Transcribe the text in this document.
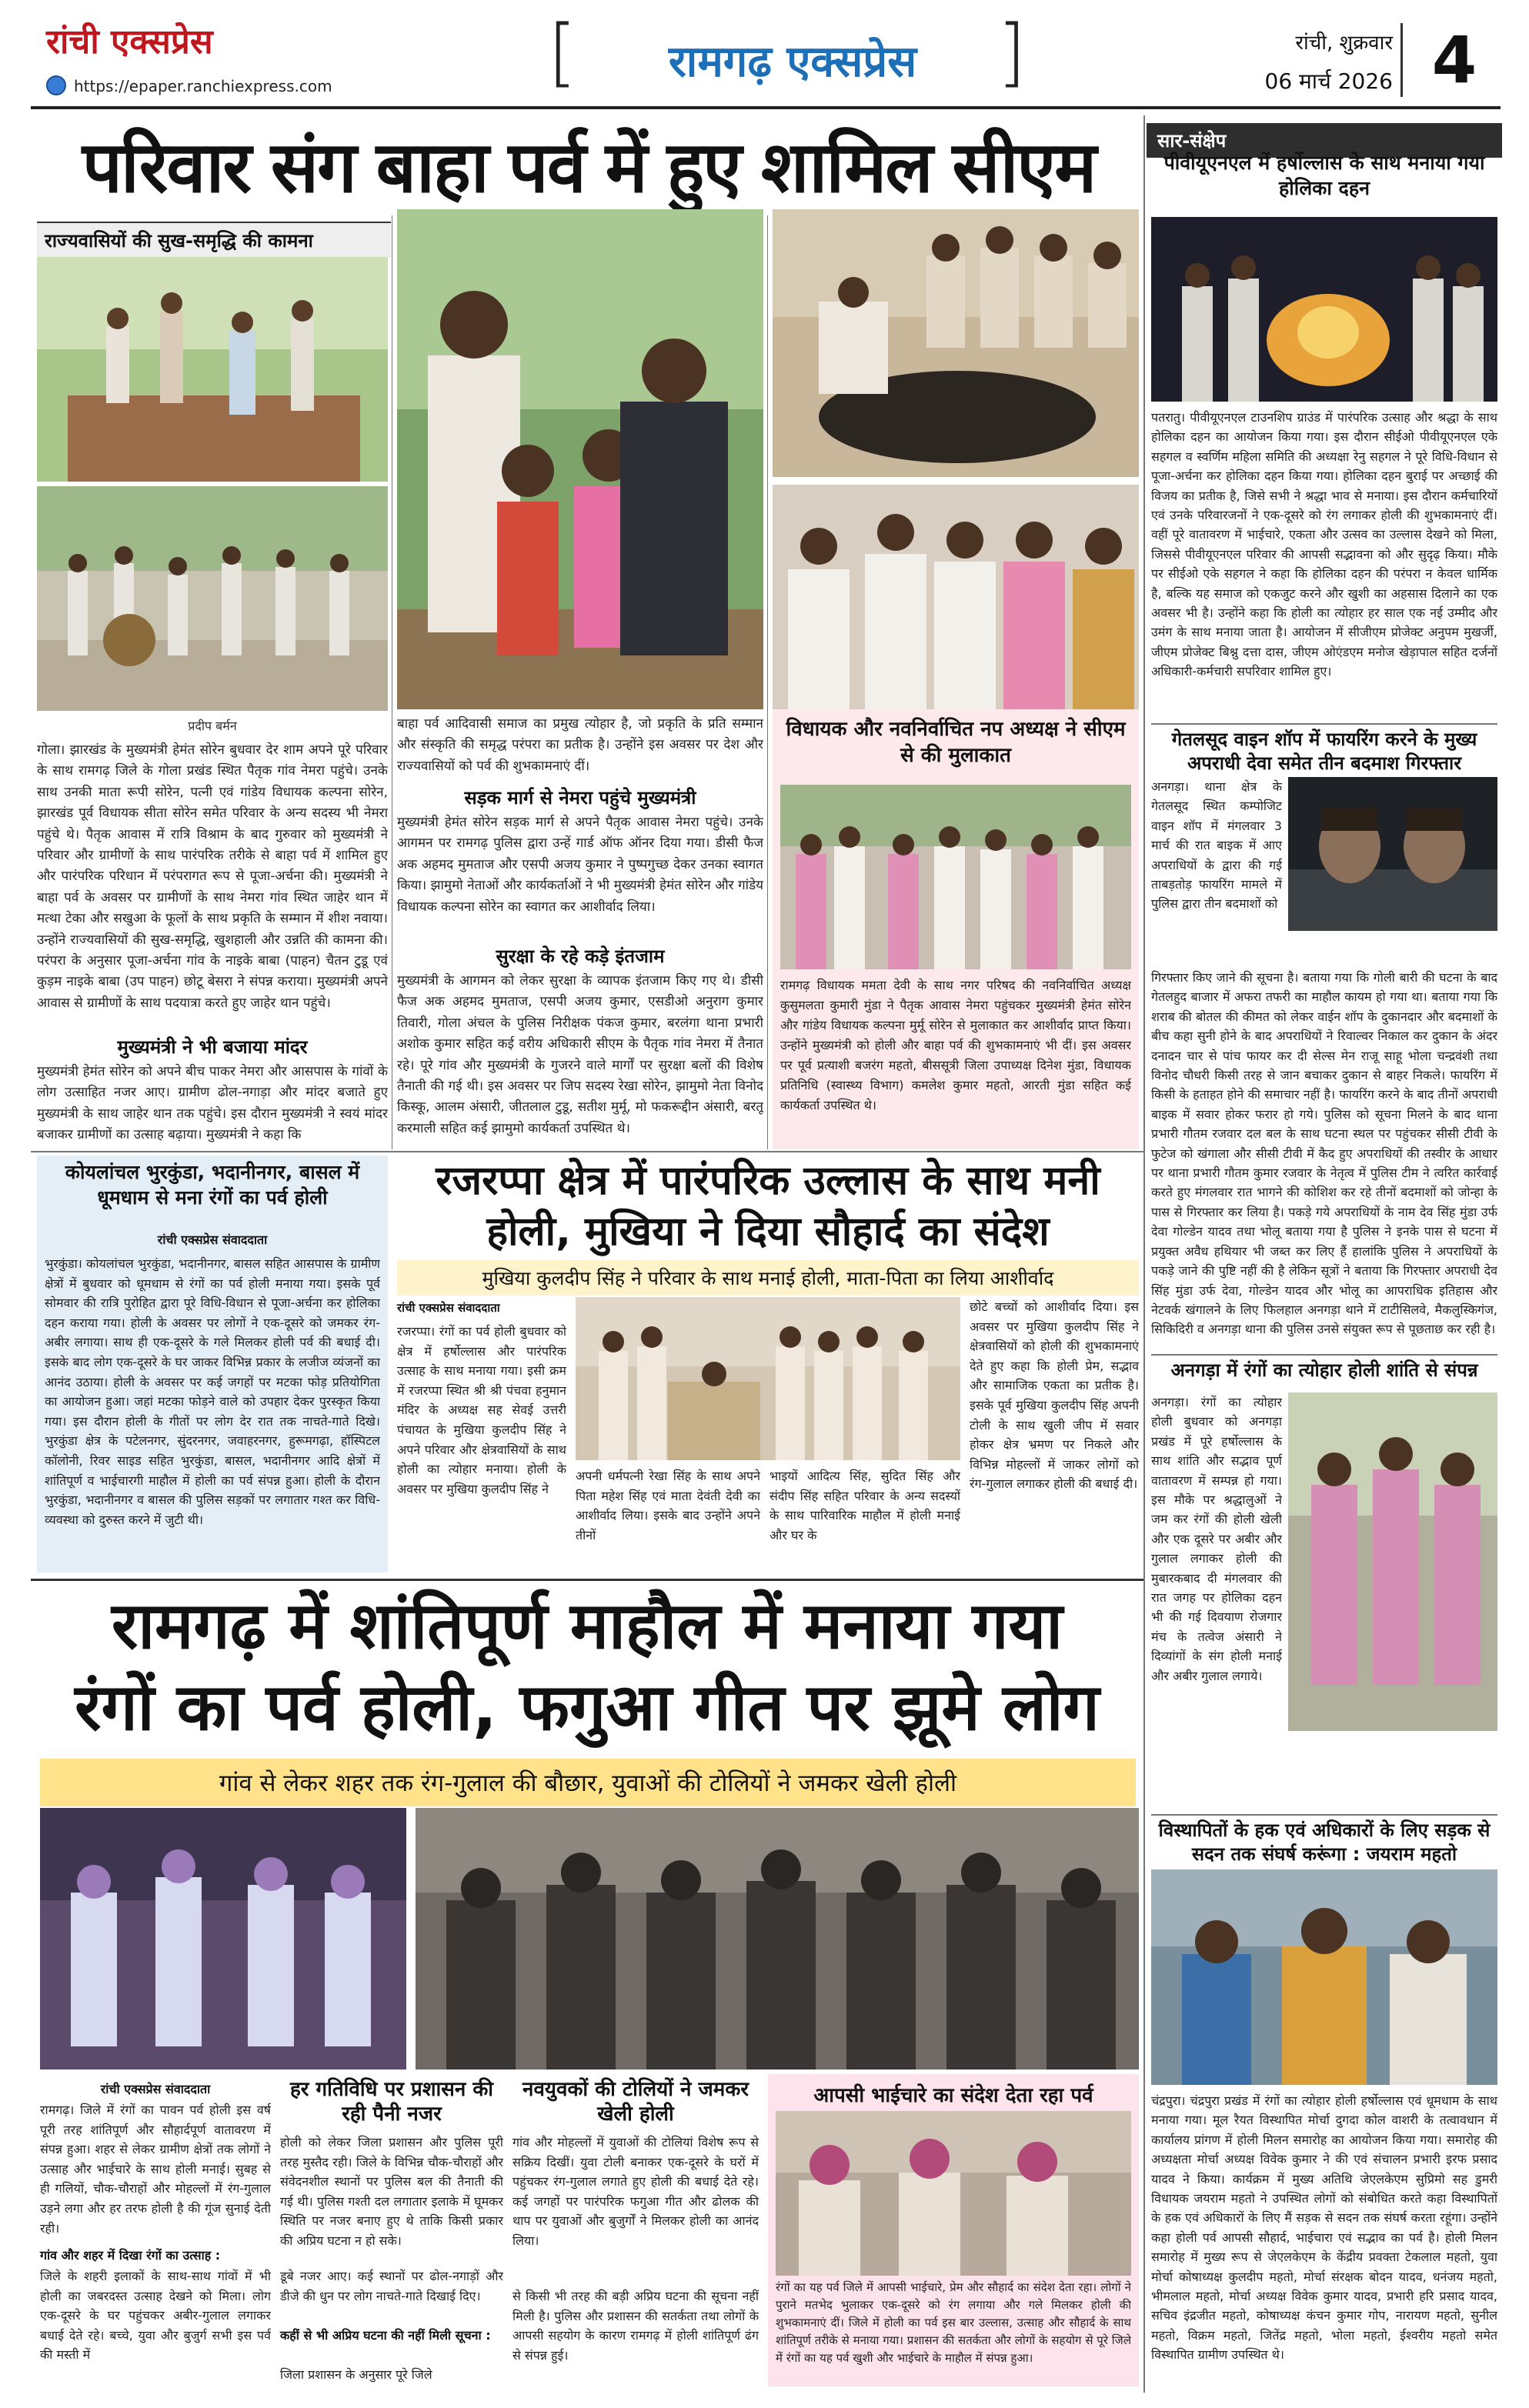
रांची एक्सप्रेस
https://epaper.ranchiexpress.com	[	रामगढ़ एक्सप्रेस	]	रांची, शुक्रवार
06 मार्च 2026 4
परिवार संग बाहा पर्व में हुए शामिल सीएम	सार-संक्षेप
राज्यवासियों की सुख-समृद्धि की कामना
प्रदीप बर्मन
गोला। झारखंड के मुख्यमंत्री हेमंत सोरेन बुधवार देर शाम अपने पूरे परिवार के साथ रामगढ़ जिले के गोला प्रखंड स्थित पैतृक गांव नेमरा पहुंचे। उनके साथ उनकी माता रूपी सोरेन, पत्नी एवं गांडेय विधायक कल्पना सोरेन, झारखंड पूर्व विधायक सीता सोरेन समेत परिवार के अन्य सदस्य भी नेमरा पहुंचे थे। पैतृक आवास में रात्रि विश्राम के बाद गुरुवार को मुख्यमंत्री ने परिवार और ग्रामीणों के साथ पारंपरिक तरीके से बाहा पर्व में शामिल हुए और पारंपरिक परिधान में परंपरागत रूप से पूजा-अर्चना की। मुख्यमंत्री ने बाहा पर्व के अवसर पर ग्रामीणों के साथ नेमरा गांव स्थित जाहेर थान में मत्था टेका और सखुआ के फूलों के साथ प्रकृति के सम्मान में शीश नवाया। उन्होंने राज्यवासियों की सुख-समृद्धि, खुशहाली और उन्नति की कामना की। परंपरा के अनुसार पूजा-अर्चना गांव के नाइके बाबा (पाहन) चैतन टुडू एवं कुड़म नाइके बाबा (उप पाहन) छोटू बेसरा ने संपन्न कराया। मुख्यमंत्री अपने आवास से ग्रामीणों के साथ पदयात्रा करते हुए जाहेर थान पहुंचे।
मुख्यमंत्री ने भी बजाया मांदर
मुख्यमंत्री हेमंत सोरेन को अपने बीच पाकर नेमरा और आसपास के गांवों के लोग उत्साहित नजर आए। ग्रामीण ढोल-नगाड़ा और मांदर बजाते हुए मुख्यमंत्री के साथ जाहेर थान तक पहुंचे। इस दौरान मुख्यमंत्री ने स्वयं मांदर बजाकर ग्रामीणों का उत्साह बढ़ाया। मुख्यमंत्री ने कहा कि
बाहा पर्व आदिवासी समाज का प्रमुख त्योहार है, जो प्रकृति के प्रति सम्मान और संस्कृति की समृद्ध परंपरा का प्रतीक है। उन्होंने इस अवसर पर देश और राज्यवासियों को पर्व की शुभकामनाएं दीं।
सड़क मार्ग से नेमरा पहुंचे मुख्यमंत्री
मुख्यमंत्री हेमंत सोरेन सड़क मार्ग से अपने पैतृक आवास नेमरा पहुंचे। उनके आगमन पर रामगढ़ पुलिस द्वारा उन्हें गार्ड ऑफ ऑनर दिया गया। डीसी फैज अक अहमद मुमताज और एसपी अजय कुमार ने पुष्पगुच्छ देकर उनका स्वागत किया। झामुमो नेताओं और कार्यकर्ताओं ने भी मुख्यमंत्री हेमंत सोरेन और गांडेय विधायक कल्पना सोरेन का स्वागत कर आशीर्वाद लिया।
सुरक्षा के रहे कड़े इंतजाम
मुख्यमंत्री के आगमन को लेकर सुरक्षा के व्यापक इंतजाम किए गए थे। डीसी फैज अक अहमद मुमताज, एसपी अजय कुमार, एसडीओ अनुराग कुमार तिवारी, गोला अंचल के पुलिस निरीक्षक पंकज कुमार, बरलंगा थाना प्रभारी अशोक कुमार सहित कई वरीय अधिकारी सीएम के पैतृक गांव नेमरा में तैनात रहे। पूरे गांव और मुख्यमंत्री के गुजरने वाले मार्गों पर सुरक्षा बलों की विशेष तैनाती की गई थी। इस अवसर पर जिप सदस्य रेखा सोरेन, झामुमो नेता विनोद किस्कू, आलम अंसारी, जीतलाल टुडू, सतीश मुर्मू, मो फकरूद्दीन अंसारी, बरतू करमाली सहित कई झामुमो कार्यकर्ता उपस्थित थे।
विधायक और नवनिर्वाचित नप अध्यक्ष ने सीएम से की मुलाकात
रामगढ़ विधायक ममता देवी के साथ नगर परिषद की नवनिर्वाचित अध्यक्ष कुसुमलता कुमारी मुंडा ने पैतृक आवास नेमरा पहुंचकर मुख्यमंत्री हेमंत सोरेन और गांडेय विधायक कल्पना मुर्मू सोरेन से मुलाकात कर आशीर्वाद प्राप्त किया। उन्होंने मुख्यमंत्री को होली और बाहा पर्व की शुभकामनाएं भी दीं। इस अवसर पर पूर्व प्रत्याशी बजरंग महतो, बीससूत्री जिला उपाध्यक्ष दिनेश मुंडा, विधायक प्रतिनिधि (स्वास्थ्य विभाग) कमलेश कुमार महतो, आरती मुंडा सहित कई कार्यकर्ता उपस्थित थे।
कोयलांचल भुरकुंडा, भदानीनगर, बासल में धूमधाम से मना रंगों का पर्व होली
रांची एक्सप्रेस संवाददाता
भुरकुंडा। कोयलांचल भुरकुंडा, भदानीनगर, बासल सहित आसपास के ग्रामीण क्षेत्रों में बुधवार को धूमधाम से रंगों का पर्व होली मनाया गया। इसके पूर्व सोमवार की रात्रि पुरोहित द्वारा पूरे विधि-विधान से पूजा-अर्चना कर होलिका दहन कराया गया। होली के अवसर पर लोगों ने एक-दूसरे को जमकर रंग-अबीर लगाया। साथ ही एक-दूसरे के गले मिलकर होली पर्व की बधाई दी। इसके बाद लोग एक-दूसरे के घर जाकर विभिन्न प्रकार के लजीज व्यंजनों का आनंद उठाया। होली के अवसर पर कई जगहों पर मटका फोड़ प्रतियोगिता का आयोजन हुआ। जहां मटका फोड़ने वाले को उपहार देकर पुरस्कृत किया गया। इस दौरान होली के गीतों पर लोग देर रात तक नाचते-गाते दिखे। भुरकुंडा क्षेत्र के पटेलनगर, सुंदरनगर, जवाहरनगर, हुरूमगढ़ा, हॉस्पिटल कॉलोनी, रिवर साइड सहित भुरकुंडा, बासल, भदानीनगर आदि क्षेत्रों में शांतिपूर्ण व भाईचारगी माहौल में होली का पर्व संपन्न हुआ। होली के दौरान भुरकुंडा, भदानीनगर व बासल की पुलिस सड़कों पर लगातार गश्त कर विधि-व्यवस्था को दुरुस्त करने में जुटी थी।
रजरप्पा क्षेत्र में पारंपरिक उल्लास के साथ मनी होली, मुखिया ने दिया सौहार्द का संदेश
मुखिया कुलदीप सिंह ने परिवार के साथ मनाई होली, माता-पिता का लिया आशीर्वाद
रांची एक्सप्रेस संवाददाता
रजरप्पा। रंगों का पर्व होली बुधवार को क्षेत्र में हर्षोल्लास और पारंपरिक उत्साह के साथ मनाया गया। इसी क्रम में रजरप्पा स्थित श्री श्री पंचवा हनुमान मंदिर के अध्यक्ष सह सेवई उत्तरी पंचायत के मुखिया कुलदीप सिंह ने अपने परिवार और क्षेत्रवासियों के साथ होली का त्योहार मनाया। होली के अवसर पर मुखिया कुलदीप सिंह ने
अपनी धर्मपत्नी रेखा सिंह के साथ अपने पिता महेश सिंह एवं माता देवंती देवी का आशीर्वाद लिया। इसके बाद उन्होंने अपने तीनों
भाइयों आदित्य सिंह, सुदित सिंह और संदीप सिंह सहित परिवार के अन्य सदस्यों के साथ पारिवारिक माहौल में होली मनाई और घर के
छोटे बच्चों को आशीर्वाद दिया। इस अवसर पर मुखिया कुलदीप सिंह ने क्षेत्रवासियों को होली की शुभकामनाएं देते हुए कहा कि होली प्रेम, सद्भाव और सामाजिक एकता का प्रतीक है। इसके पूर्व मुखिया कुलदीप सिंह अपनी टोली के साथ खुली जीप में सवार होकर क्षेत्र भ्रमण पर निकले और विभिन्न मोहल्लों में जाकर लोगों को रंग-गुलाल लगाकर होली की बधाई दी।
रामगढ़ में शांतिपूर्ण माहौल में मनाया गया
रंगों का पर्व होली, फगुआ गीत पर झूमे लोग
गांव से लेकर शहर तक रंग-गुलाल की बौछार, युवाओं की टोलियों ने जमकर खेली होली
रांची एक्सप्रेस संवाददाता
रामगढ़। जिले में रंगों का पावन पर्व होली इस वर्ष पूरी तरह शांतिपूर्ण और सौहार्दपूर्ण वातावरण में संपन्न हुआ। शहर से लेकर ग्रामीण क्षेत्रों तक लोगों ने उत्साह और भाईचारे के साथ होली मनाई। सुबह से ही गलियों, चौक-चौराहों और मोहल्लों में रंग-गुलाल उड़ने लगा और हर तरफ होली है की गूंज सुनाई देती रही।
गांव और शहर में दिखा रंगों का उत्साह :
जिले के शहरी इलाकों के साथ-साथ गांवों में भी होली का जबरदस्त उत्साह देखने को मिला। लोग एक-दूसरे के घर पहुंचकर अबीर-गुलाल लगाकर बधाई देते रहे। बच्चे, युवा और बुजुर्ग सभी इस पर्व की मस्ती में
हर गतिविधि पर प्रशासन की रही पैनी नजर
होली को लेकर जिला प्रशासन और पुलिस पूरी तरह मुस्तैद रही। जिले के विभिन्न चौक-चौराहों और संवेदनशील स्थानों पर पुलिस बल की तैनाती की गई थी। पुलिस गश्ती दल लगातार इलाके में घूमकर स्थिति पर नजर बनाए हुए थे ताकि किसी प्रकार की अप्रिय घटना न हो सके।
डूबे नजर आए। कई स्थानों पर ढोल-नगाड़ों और डीजे की धुन पर लोग नाचते-गाते दिखाई दिए।
कहीं से भी अप्रिय घटना की नहीं मिली सूचना :
जिला प्रशासन के अनुसार पूरे जिले
नवयुवकों की टोलियों ने जमकर खेली होली
गांव और मोहल्लों में युवाओं की टोलियां विशेष रूप से सक्रिय दिखीं। युवा टोली बनाकर एक-दूसरे के घरों में पहुंचकर रंग-गुलाल लगाते हुए होली की बधाई देते रहे। कई जगहों पर पारंपरिक फगुआ गीत और ढोलक की थाप पर युवाओं और बुजुर्गों ने मिलकर होली का आनंद लिया।
से किसी भी तरह की बड़ी अप्रिय घटना की सूचना नहीं मिली है। पुलिस और प्रशासन की सतर्कता तथा लोगों के आपसी सहयोग के कारण रामगढ़ में होली शांतिपूर्ण ढंग से संपन्न हुई।
आपसी भाईचारे का संदेश देता रहा पर्व
रंगों का यह पर्व जिले में आपसी भाईचारे, प्रेम और सौहार्द का संदेश देता रहा। लोगों ने पुराने मतभेद भुलाकर एक-दूसरे को रंग लगाया और गले मिलकर होली की शुभकामनाएं दीं। जिले में होली का पर्व इस बार उल्लास, उत्साह और सौहार्द के साथ शांतिपूर्ण तरीके से मनाया गया। प्रशासन की सतर्कता और लोगों के सहयोग से पूरे जिले में रंगों का यह पर्व खुशी और भाईचारे के माहौल में संपन्न हुआ।
पीवीयूएनएल में हर्षोल्लास के साथ मनाया गया होलिका दहन
पतरातु। पीवीयूएनएल टाउनशिप ग्राउंड में पारंपरिक उत्साह और श्रद्धा के साथ होलिका दहन का आयोजन किया गया। इस दौरान सीईओ पीवीयूएनएल एके सहगल व स्वर्णिम महिला समिति की अध्यक्षा रेनु सहगल ने पूरे विधि-विधान से पूजा-अर्चना कर होलिका दहन किया गया। होलिका दहन बुराई पर अच्छाई की विजय का प्रतीक है, जिसे सभी ने श्रद्धा भाव से मनाया। इस दौरान कर्मचारियों एवं उनके परिवारजनों ने एक-दूसरे को रंग लगाकर होली की शुभकामनाएं दीं। वहीं पूरे वातावरण में भाईचारे, एकता और उत्सव का उल्लास देखने को मिला, जिससे पीवीयूएनएल परिवार की आपसी सद्भावना को और सुदृढ़ किया। मौके पर सीईओ एके सहगल ने कहा कि होलिका दहन की परंपरा न केवल धार्मिक है, बल्कि यह समाज को एकजुट करने और खुशी का अहसास दिलाने का एक अवसर भी है। उन्होंने कहा कि होली का त्योहार हर साल एक नई उम्मीद और उमंग के साथ मनाया जाता है। आयोजन में सीजीएम प्रोजेक्ट अनुपम मुखर्जी, जीएम प्रोजेक्ट बिश्नु दत्ता दास, जीएम ओएंडएम मनोज खेड़ापाल सहित दर्जनों अधिकारी-कर्मचारी सपरिवार शामिल हुए।
गेतलसूद वाइन शॉप में फायरिंग करने के मुख्य अपराधी देवा समेत तीन बदमाश गिरफ्तार
अनगड़ा। थाना क्षेत्र के गेतलसूद स्थित कम्पोजिट वाइन शॉप में मंगलवार 3 मार्च की रात बाइक में आए अपराधियों के द्वारा की गई ताबड़तोड़ फायरिंग मामले में पुलिस द्वारा तीन बदमाशों को
गिरफ्तार किए जाने की सूचना है। बताया गया कि गोली बारी की घटना के बाद गेतलहुद बाजार में अफरा तफरी का माहौल कायम हो गया था। बताया गया कि शराब की बोतल की कीमत को लेकर वाईन शॉप के दुकानदार और बदमाशों के बीच कहा सुनी होने के बाद अपराधियों ने रिवाल्वर निकाल कर दुकान के अंदर दनादन चार से पांच फायर कर दी सेल्स मेन राजू साहू भोला चन्द्रवंशी तथा विनोद चौधरी किसी तरह से जान बचाकर दुकान से बाहर निकले। फायरिंग में किसी के हताहत होने की समाचार नहीं है। फायरिंग करने के बाद तीनों अपराधी बाइक में सवार होकर फरार हो गये। पुलिस को सूचना मिलने के बाद थाना प्रभारी गौतम रजवार दल बल के साथ घटना स्थल पर पहुंचकर सीसी टीवी के फुटेज को खंगाला और सीसी टीवी में कैद हुए अपराधियों की तस्वीर के आधार पर थाना प्रभारी गौतम कुमार रजवार के नेतृत्व में पुलिस टीम ने त्वरित कार्रवाई करते हुए मंगलवार रात भागने की कोशिश कर रहे तीनों बदमाशों को जोन्हा के पास से गिरफ्तार कर लिया है। पकड़े गये अपराधियों के नाम देव सिंह मुंडा उर्फ देवा गोल्डेन यादव तथा भोलू बताया गया है पुलिस ने इनके पास से घटना में प्रयुक्त अवैध हथियार भी जब्त कर लिए हैं हालांकि पुलिस ने अपराधियों के पकड़े जाने की पुष्टि नहीं की है लेकिन सूत्रों ने बताया कि गिरफ्तार अपराधी देव सिंह मुंडा उर्फ देवा, गोल्डेन यादव और भोलू का आपराधिक इतिहास और नेटवर्क खंगालने के लिए फिलहाल अनगड़ा थाने में टाटीसिलवे, मैकलुस्किगंज, सिकिदिरी व अनगड़ा थाना की पुलिस उनसे संयुक्त रूप से पूछताछ कर रही है।
अनगड़ा में रंगों का त्योहार होली शांति से संपन्न
अनगड़ा। रंगों का त्योहार होली बुधवार को अनगड़ा प्रखंड में पूरे हर्षोल्लास के साथ शांति और सद्भाव पूर्ण वातावरण में सम्पन्न हो गया। इस मौके पर श्रद्धालुओं ने जम कर रंगों की होली खेली और एक दूसरे पर अबीर और गुलाल लगाकर होली की मुबारकबाद दी मंगलवार की रात जगह पर होलिका दहन भी की गई दिवयाण रोजगार मंच के तत्वेज अंसारी ने दिव्यांगों के संग होली मनाई और अबीर गुलाल लगाये।
विस्थापितों के हक एवं अधिकारों के लिए सड़क से सदन तक संघर्ष करूंगा : जयराम महतो
चंद्रपुरा। चंद्रपुरा प्रखंड में रंगों का त्योहार होली हर्षोल्लास एवं धूमधाम के साथ मनाया गया। मूल रैयत विस्थापित मोर्चा दुगदा कोल वाशरी के तत्वावधान में कार्यालय प्रांगण में होली मिलन समारोह का आयोजन किया गया। समारोह की अध्यक्षता मोर्चा अध्यक्ष विवेक कुमार ने की एवं संचालन प्रभारी इरफ प्रसाद यादव ने किया। कार्यक्रम में मुख्य अतिथि जेएलकेएम सुप्रिमो सह डुमरी विधायक जयराम महतो ने उपस्थित लोगों को संबोधित करते कहा विस्थापितों के हक एवं अधिकारों के लिए मैं सड़क से सदन तक संघर्ष करता रहूंगा। उन्होंने कहा होली पर्व आपसी सौहार्द, भाईचारा एवं सद्भाव का पर्व है। होली मिलन समारोह में मुख्य रूप से जेएलकेएम के केंद्रीय प्रवक्ता टेकलाल महतो, युवा मोर्चा कोषाध्यक्ष कुलदीप महतो, मोर्चा संरक्षक बोदन यादव, धनंजय महतो, भीमलाल महतो, मोर्चा अध्यक्ष विवेक कुमार यादव, प्रभारी हरि प्रसाद यादव, सचिव इंद्रजीत महतो, कोषाध्यक्ष कंचन कुमार गोप, नारायण महतो, सुनील महतो, विक्रम महतो, जितेंद्र महतो, भोला महतो, ईश्वरीय महतो समेत विस्थापित ग्रामीण उपस्थित थे।
